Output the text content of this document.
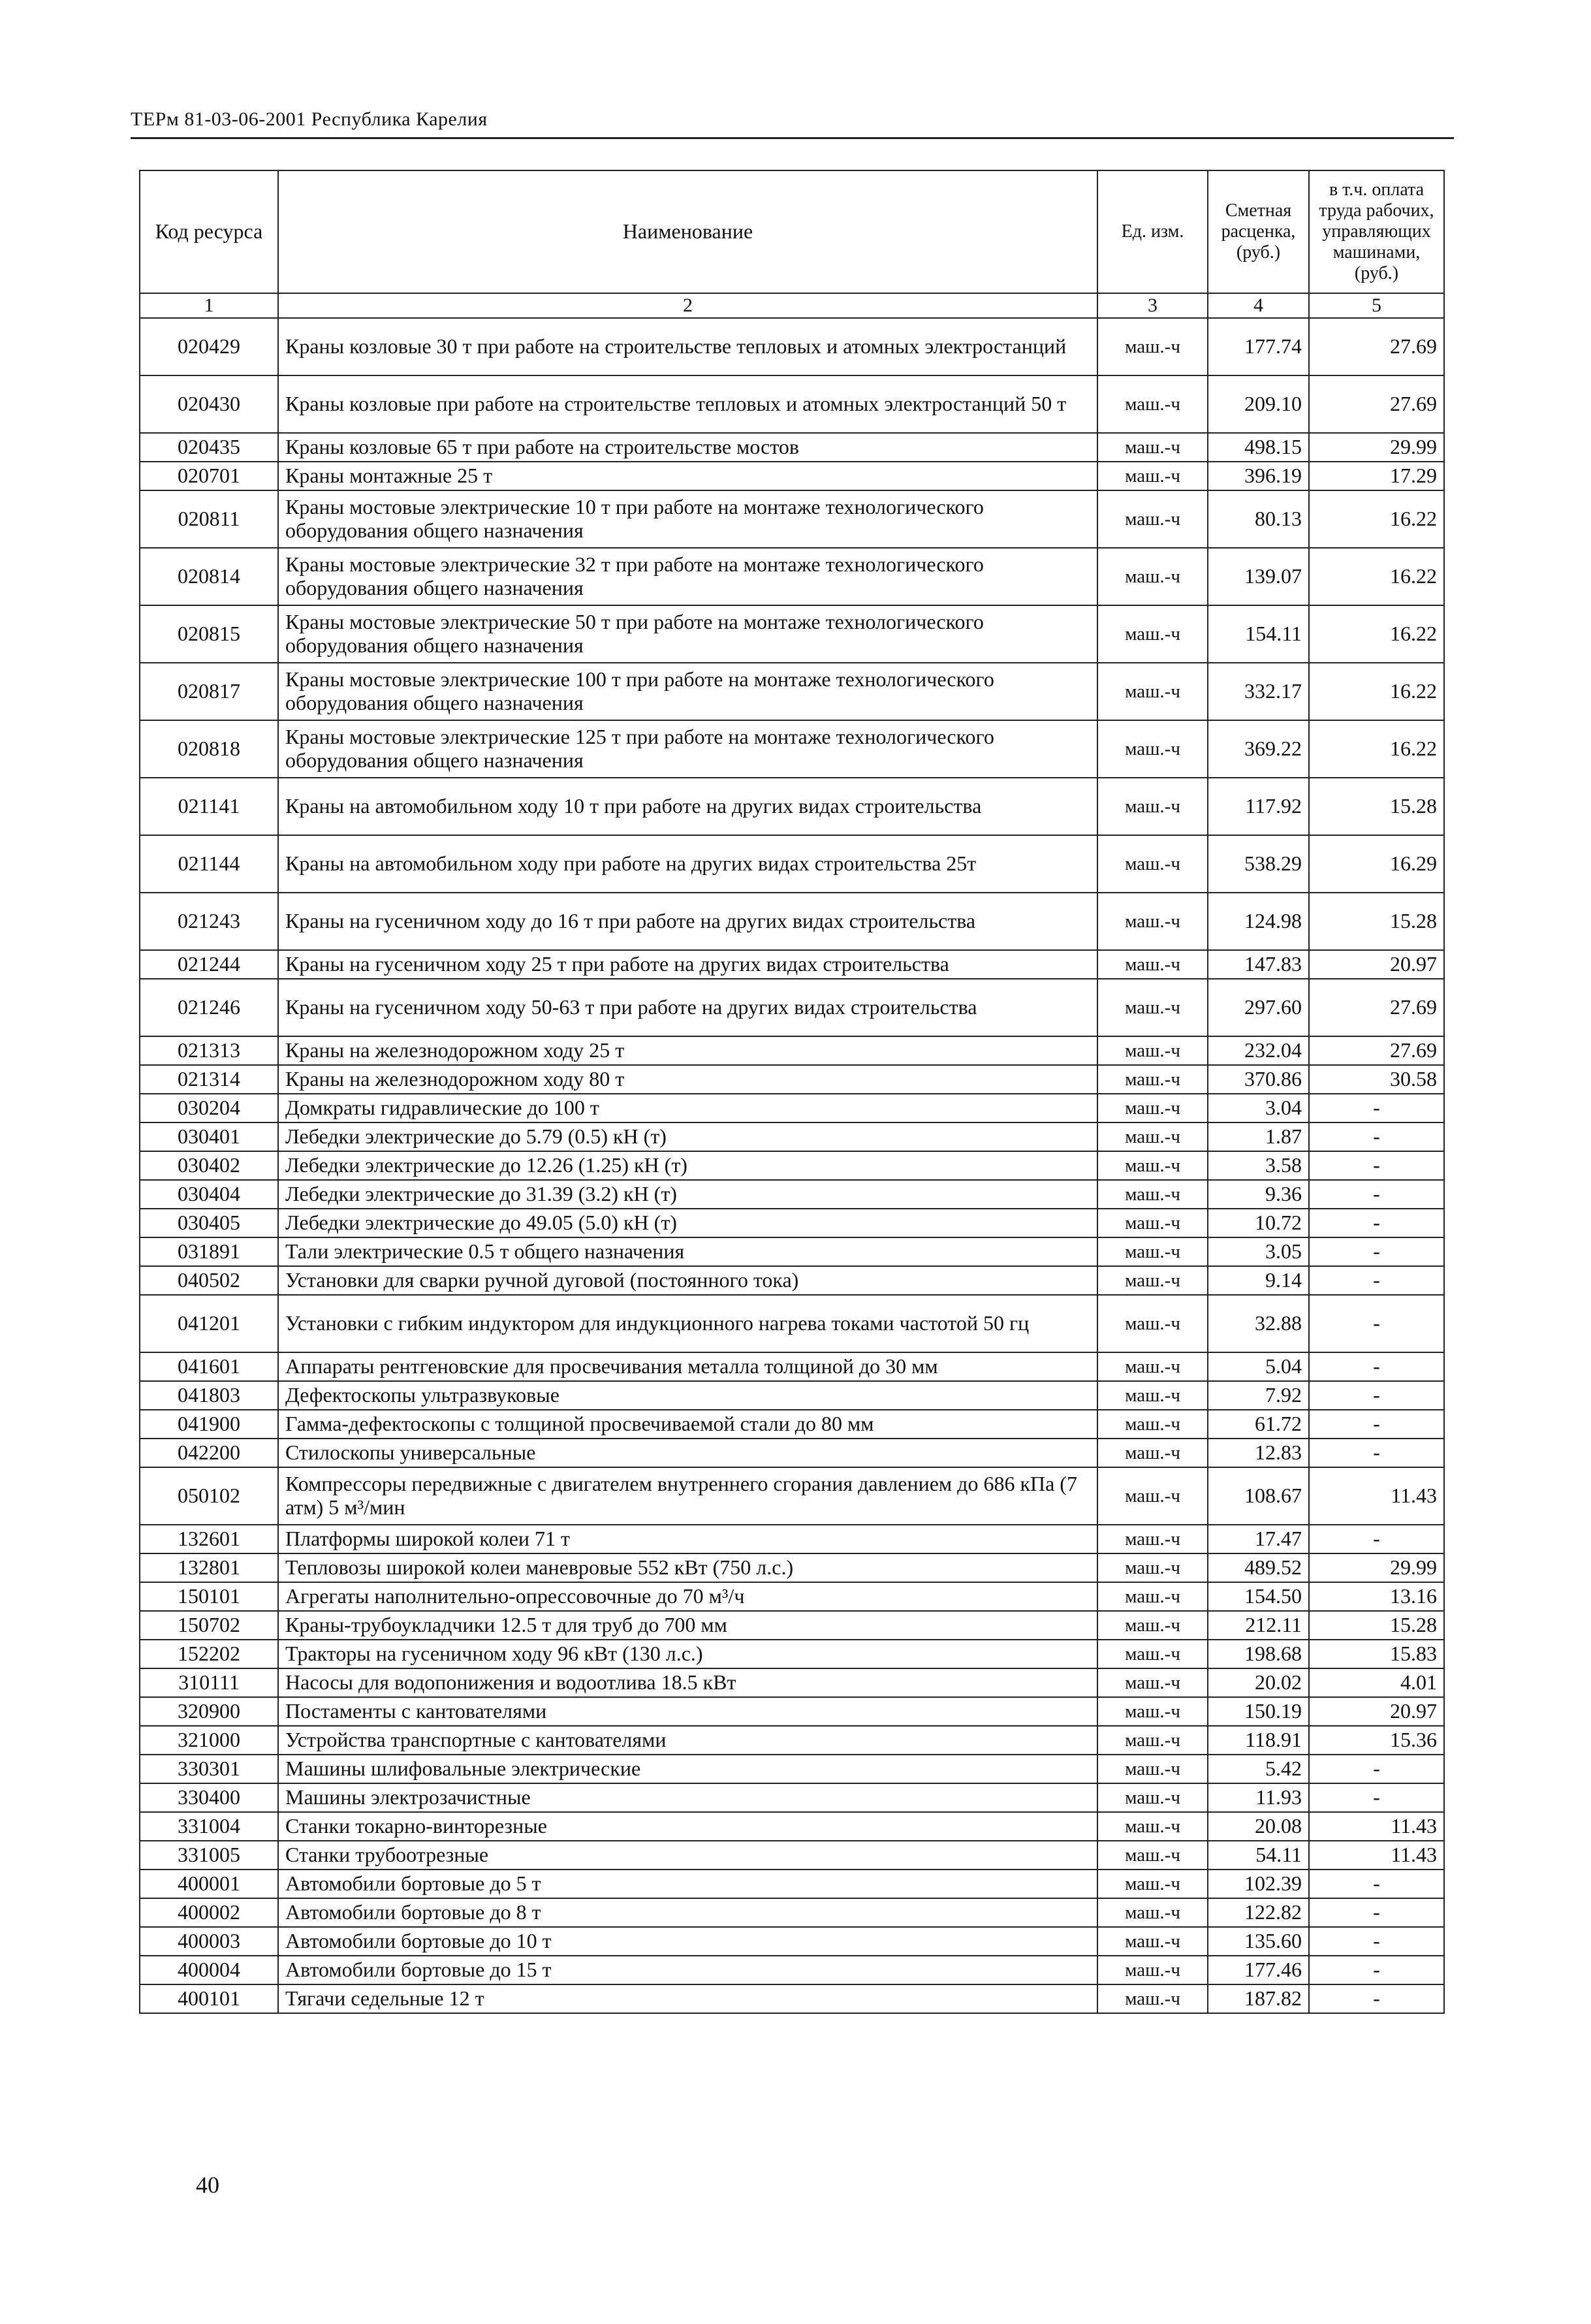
ТЕРм 81-03-06-2001 Республика Карелия
Код ресурса	Наименование	Ед. изм.	Сметная расценка, (руб.)	в т.ч. оплата труда рабочих, управляющих машинами, (руб.)
1	2	3	4	5
020429	Краны козловые 30 т при работе на строительстве тепловых и атомных электростанций	маш.-ч	177.74	27.69
020430	Краны козловые при работе на строительстве тепловых и атомных электростанций 50 т	маш.-ч	209.10	27.69
020435	Краны козловые 65 т при работе на строительстве мостов	маш.-ч	498.15	29.99
020701	Краны монтажные 25 т	маш.-ч	396.19	17.29
020811	Краны мостовые электрические 10 т при работе на монтаже технологического оборудования общего назначения	маш.-ч	80.13	16.22
020814	Краны мостовые электрические 32 т при работе на монтаже технологического оборудования общего назначения	маш.-ч	139.07	16.22
020815	Краны мостовые электрические 50 т при работе на монтаже технологического оборудования общего назначения	маш.-ч	154.11	16.22
020817	Краны мостовые электрические 100 т при работе на монтаже технологического оборудования общего назначения	маш.-ч	332.17	16.22
020818	Краны мостовые электрические 125 т при работе на монтаже технологического оборудования общего назначения	маш.-ч	369.22	16.22
021141	Краны на автомобильном ходу 10 т при работе на других видах строительства	маш.-ч	117.92	15.28
021144	Краны на автомобильном ходу при работе на других видах строительства 25т	маш.-ч	538.29	16.29
021243	Краны на гусеничном ходу до 16 т при работе на других видах строительства	маш.-ч	124.98	15.28
021244	Краны на гусеничном ходу 25 т при работе на других видах строительства	маш.-ч	147.83	20.97
021246	Краны на гусеничном ходу 50-63 т при работе на других видах строительства	маш.-ч	297.60	27.69
021313	Краны на железнодорожном ходу 25 т	маш.-ч	232.04	27.69
021314	Краны на железнодорожном ходу 80 т	маш.-ч	370.86	30.58
030204	Домкраты гидравлические до 100 т	маш.-ч	3.04	-
030401	Лебедки электрические до 5.79 (0.5) кН (т)	маш.-ч	1.87	-
030402	Лебедки электрические до 12.26 (1.25) кН (т)	маш.-ч	3.58	-
030404	Лебедки электрические до 31.39 (3.2) кН (т)	маш.-ч	9.36	-
030405	Лебедки электрические до 49.05 (5.0) кН (т)	маш.-ч	10.72	-
031891	Тали электрические 0.5 т общего назначения	маш.-ч	3.05	-
040502	Установки для сварки ручной дуговой (постоянного тока)	маш.-ч	9.14	-
041201	Установки с гибким индуктором для индукционного нагрева токами частотой 50 гц	маш.-ч	32.88	-
041601	Аппараты рентгеновские для просвечивания металла толщиной до 30 мм	маш.-ч	5.04	-
041803	Дефектоскопы ультразвуковые	маш.-ч	7.92	-
041900	Гамма-дефектоскопы с толщиной просвечиваемой стали до 80 мм	маш.-ч	61.72	-
042200	Стилоскопы универсальные	маш.-ч	12.83	-
050102	Компрессоры передвижные с двигателем внутреннего сгорания давлением до 686 кПа (7 атм) 5 м³/мин	маш.-ч	108.67	11.43
132601	Платформы широкой колеи 71 т	маш.-ч	17.47	-
132801	Тепловозы широкой колеи маневровые 552 кВт (750 л.с.)	маш.-ч	489.52	29.99
150101	Агрегаты наполнительно-опрессовочные до 70 м³/ч	маш.-ч	154.50	13.16
150702	Краны-трубоукладчики 12.5 т для труб до 700 мм	маш.-ч	212.11	15.28
152202	Тракторы на гусеничном ходу 96 кВт (130 л.с.)	маш.-ч	198.68	15.83
310111	Насосы для водопонижения и водоотлива 18.5 кВт	маш.-ч	20.02	4.01
320900	Постаменты с кантователями	маш.-ч	150.19	20.97
321000	Устройства транспортные с кантователями	маш.-ч	118.91	15.36
330301	Машины шлифовальные электрические	маш.-ч	5.42	-
330400	Машины электрозачистные	маш.-ч	11.93	-
331004	Станки токарно-винторезные	маш.-ч	20.08	11.43
331005	Станки трубоотрезные	маш.-ч	54.11	11.43
400001	Автомобили бортовые до 5 т	маш.-ч	102.39	-
400002	Автомобили бортовые до 8 т	маш.-ч	122.82	-
400003	Автомобили бортовые до 10 т	маш.-ч	135.60	-
400004	Автомобили бортовые до 15 т	маш.-ч	177.46	-
400101	Тягачи седельные 12 т	маш.-ч	187.82	-
40
